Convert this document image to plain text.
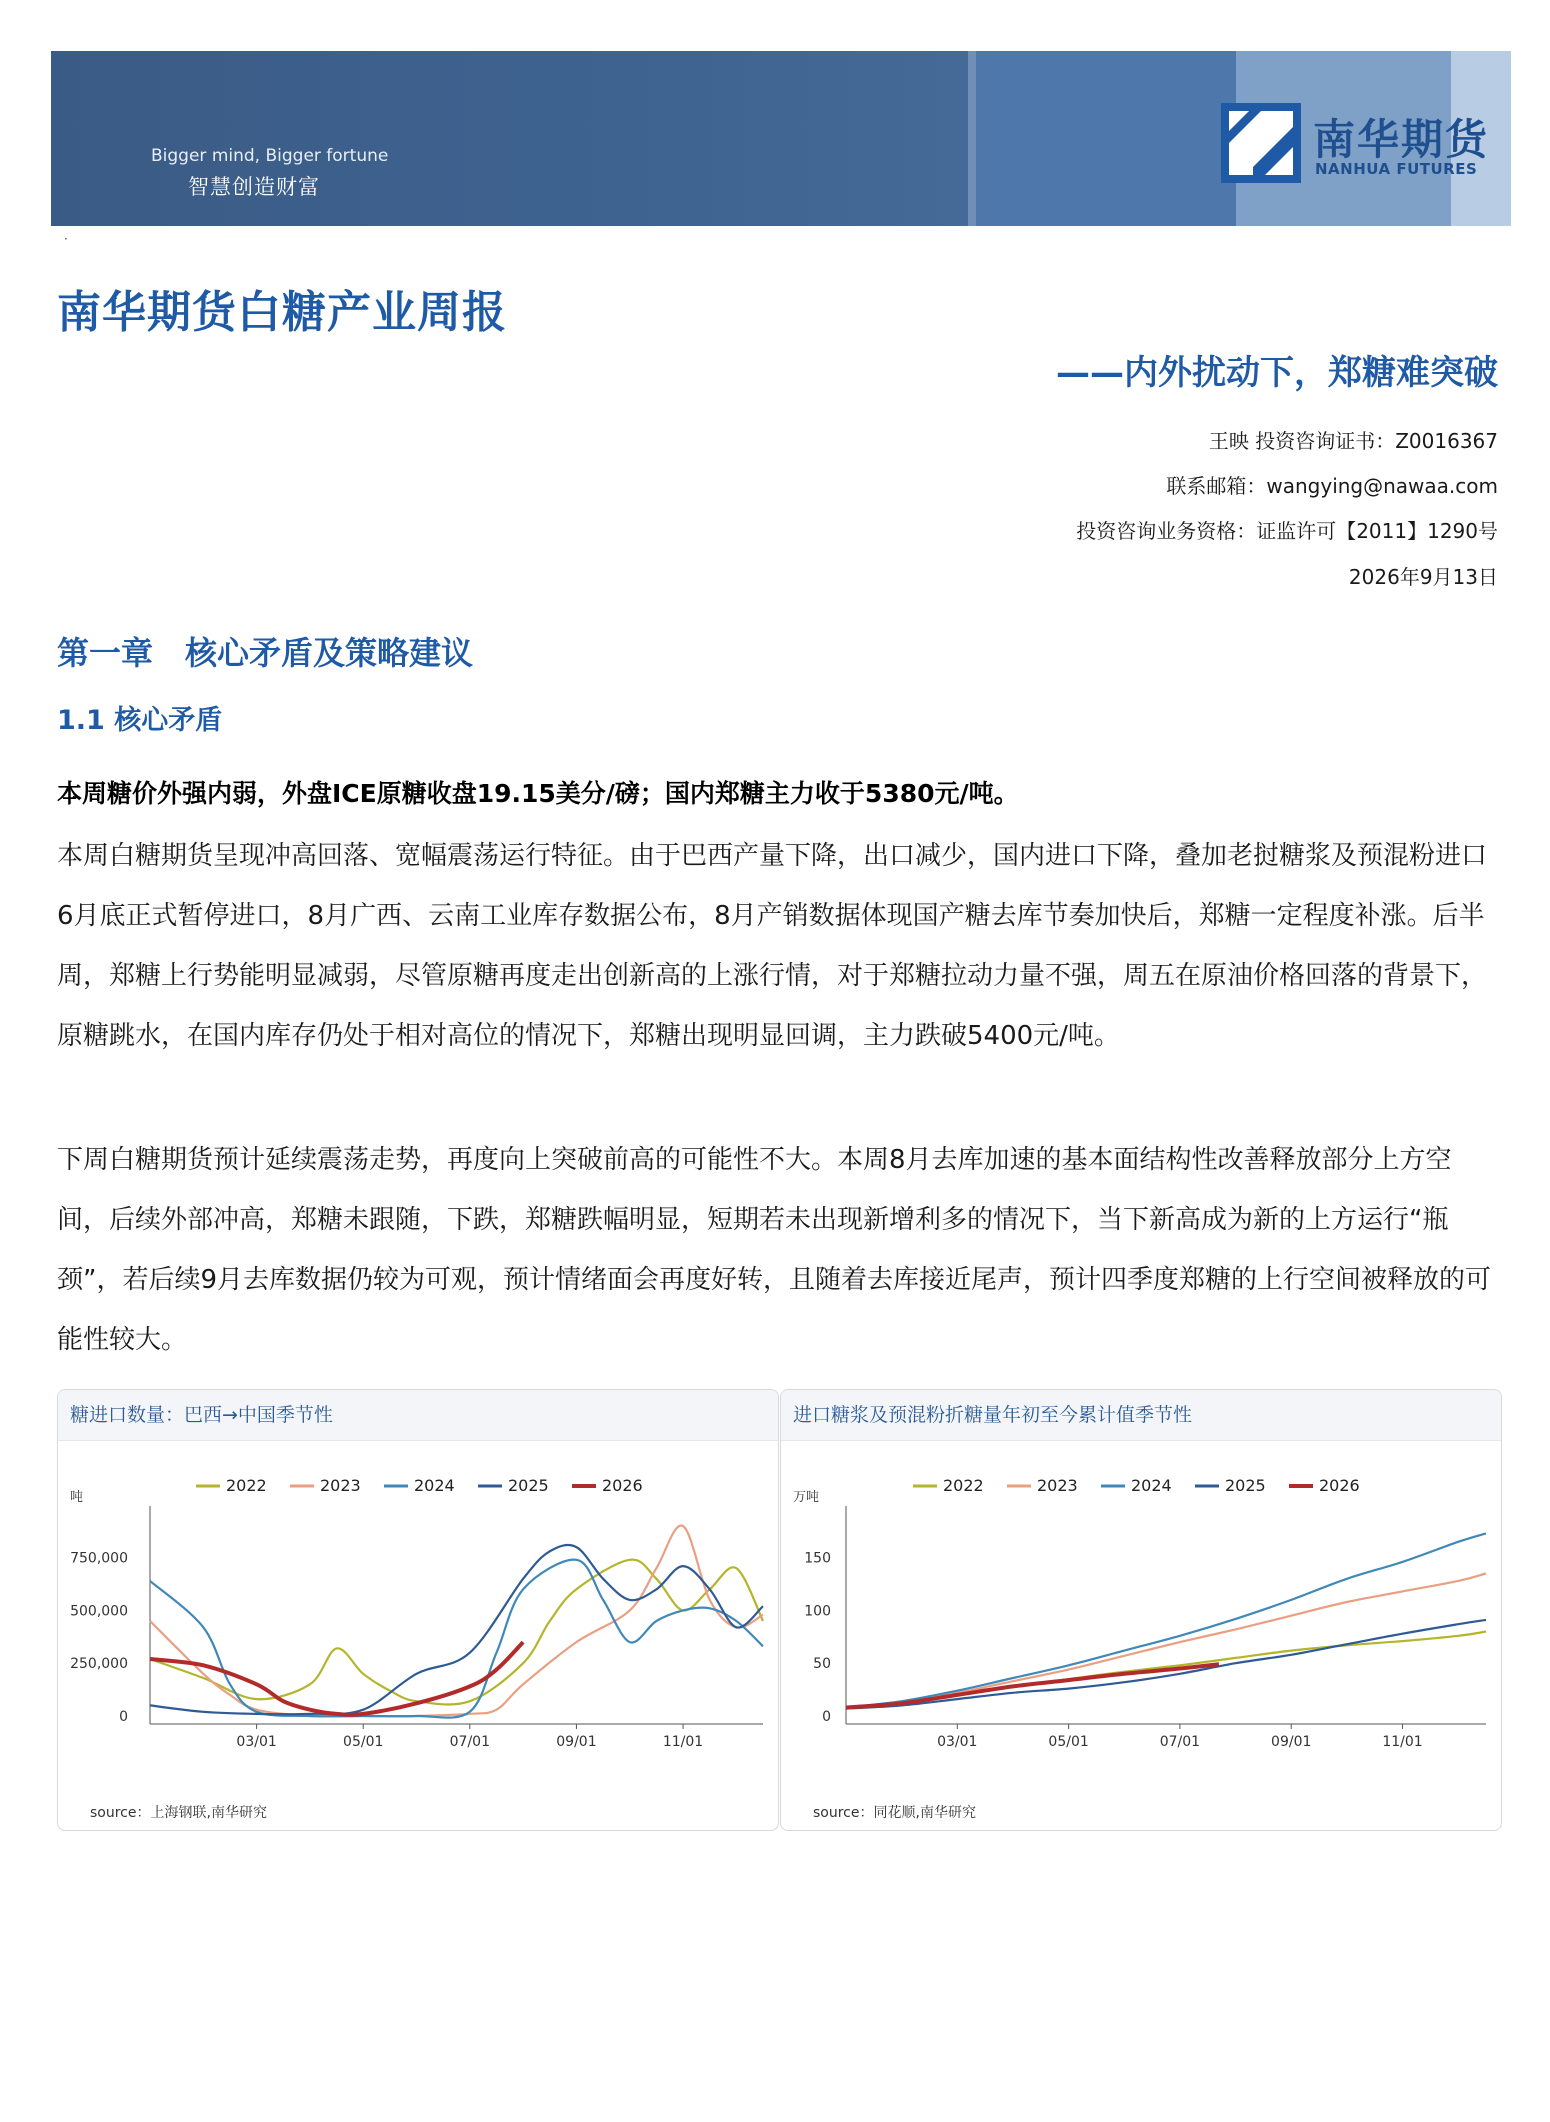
Bigger mind, Bigger fortune
智慧创造财富
南华期货
NANHUA FUTURES
·
南华期货白糖产业周报
——内外扰动下，郑糖难突破
王映 投资咨询证书：Z0016367
联系邮箱：wangying@nawaa.com
投资咨询业务资格：证监许可【2011】1290号
2026年9月13日
第一章　核心矛盾及策略建议
1.1 核心矛盾
本周糖价外强内弱，外盘ICE原糖收盘19.15美分/磅；国内郑糖主力收于5380元/吨。
本周白糖期货呈现冲高回落、宽幅震荡运行特征。由于巴西产量下降，出口减少，国内进口下降，叠加老挝糖浆及预混粉进口6月底正式暂停进口，8月广西、云南工业库存数据公布，8月产销数据体现国产糖去库节奏加快后，郑糖一定程度补涨。后半周，郑糖上行势能明显减弱，尽管原糖再度走出创新高的上涨行情，对于郑糖拉动力量不强，周五在原油价格回落的背景下，原糖跳水，在国内库存仍处于相对高位的情况下，郑糖出现明显回调，主力跌破5400元/吨。
下周白糖期货预计延续震荡走势，再度向上突破前高的可能性不大。本周8月去库加速的基本面结构性改善释放部分上方空间，后续外部冲高，郑糖未跟随，下跌，郑糖跌幅明显，短期若未出现新增利多的情况下，当下新高成为新的上方运行“瓶颈”，若后续9月去库数据仍较为可观，预计情绪面会再度好转，且随着去库接近尾声，预计四季度郑糖的上行空间被释放的可能性较大。
糖进口数量：巴西→中国季节性
吨
750,000
500,000
250,000
0
03/01	05/01	07/01	09/01	11/01
2022	2023	2024	2025	2026
source：上海钢联,南华研究
进口糖浆及预混粉折糖量年初至今累计值季节性
万吨
150
100
50
0
03/01	05/01	07/01	09/01	11/01
2022	2023	2024	2025	2026
source：同花顺,南华研究
